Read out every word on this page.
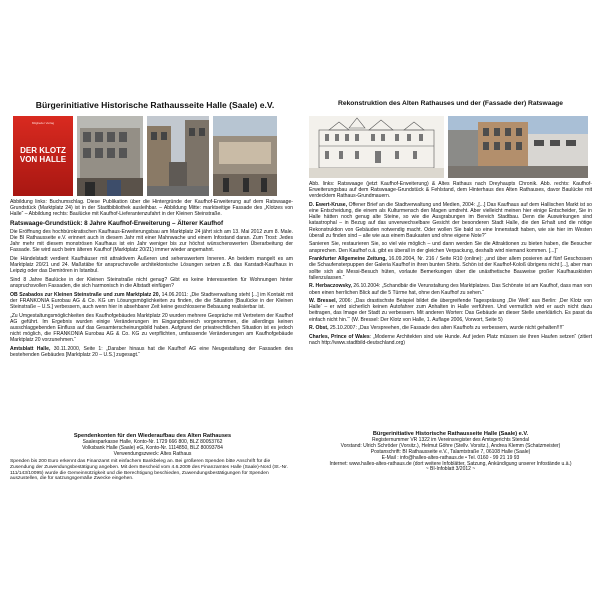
Bürgerinitiative Historische Rathausseite Halle (Saale) e.V.
Mitglieder Verlag
DER KLOTZ VON HALLE

Abbildung links: Buchumschlag. Diese Publikation über die Hintergründe der Kaufhof-Erweiterung auf dem Ratswaage-Grundstück (Marktplatz 24) ist in der Stadtbibliothek ausleihbar. – Abbildung Mitte: marktseitige Fassade des „Klotzes von Halle“ – Abbildung rechts: Baulücke mit Kaufhof-Lieferantenzufahrt in der Kleinen Steinstraße.

Ratswaage-Grundstück: 8 Jahre Kaufhof-Erweiterung – Älterer Kaufhof

Die Eröffnung des hochbürokratischen Kaufhaus-Erweiterungsbau am Marktplatz 24 jährt sich am 13. Mai 2012 zum 8. Male. Die BI Rathausseite e.V. erinnert auch in diesem Jahr mit einer Mahnwache und einem Infostand daran. Zum Trost: Jedes Jahr mehr mit diesem monströsen Kaufhaus ist ein Jahr weniger bis zur höchst wünschenswerten Überarbeitung der Fassade. Sie wird auch beim älteren Kaufhof (Marktplatz 20/21) immer wieder angemahnt.

Die Händelstadt verdient Kaufhäuser mit attraktivem Äußeren und sehenswertem Inneren. An beidem mangelt es am Marktplatz 20/21 und 24. Maßstäbe für anspruchsvolle architektonische Lösungen setzen z.B. das Karstadt-Kaufhaus in Leipzig oder das Demirören in Istanbul.

Sind 8 Jahre Baulücke in der Kleinen Steinstraße nicht genug? Gibt es keine Interessenten für Wohnungen hinter anspruchsvollen Fassaden, die sich harmonisch in die Altstadt einfügen?

OB Szabados zur Kleinen Steinstraße und zum Marktplatz 20, 14.06.2011: „Die Stadtverwaltung steht [...] im Kontakt mit der FRANKONIA Eurobau AG & Co. KG um Lösungsmöglichkeiten zu finden, die die Situation [Baulücke in der Kleinen Steinstraße – U.S.] verbessern, auch wenn hier in absehbarer Zeit keine geschlossene Bebauung realisierbar ist.

„Zu Umgestaltungsmöglichkeiten des Kaufhofgebäudes Marktplatz 20 wurden mehrere Gespräche mit Vertretern der Kaufhof AG geführt. Im Ergebnis wurden einige Veränderungen im Eingangsbereich vorgenommen, die allerdings keinen ausschlaggebenden Einfluss auf das Gesamterscheinungsbild haben. Aufgrund der privatrechtlichen Situation ist es jedoch nicht möglich, die FRANKONIA Eurobau AG & Co. KG zu verpflichten, umfassende Veränderungen am Kaufhofgebäude Marktplatz 20 vorzunehmen.“

Amtsblatt Halle, 30.11.2000, Seite 1: „Daraber hinaus hat die Kaufhof AG eine Neugestaltung der Fassaden des bestehenden Gebäudes [Marktplatz 20 – U.S.] zugesagt.“

Spendenkonten für den Wiederaufbau des Alten Rathauses
Saalesparkasse Halle, Konto-Nr. 1729 666 800, BLZ 80053762
Volksbank Halle (Saale) eG, Konto-Nr. 1114850, BLZ 80093784
Verwendungszweck: Altes Rathaus
Spenden bis 200 Euro erkennt das Finanzamt mit einfachem Bankbeleg an. Bei größeren Spenden bitte Anschrift für die Zusendung der Zuwendungsbestätigung angeben. Mit dem Bescheid vom 4.6.2009 des Finanzamtes Halle (Saale)-Nord (St.-Nr. 111/143/10095) wurde die Gemeinnützigkeit und die Berechtigung beschieden, Zuwendungsbestätigungen für Spenden auszustellen, die für satzungsgemäße Zwecke eingehen.
Rekonstruktion des Alten Rathauses und der (Fassade der) Ratswaage

Abb. links: Ratswaage (jetzt Kaufhof-Erweiterung) & Altes Rathaus nach Dreyhaupts Chronik. Abb. rechts: Kaufhof-Erweiterungsbau auf dem Ratswaage-Grundstück & Fehlstand, dem Hinterhaus des Alten Rathauses, davor Baulücke mit verdecktem Rathaus-Grundmauern.

D. Ewert-Kruse, Offener Brief an die Stadtverwaltung und Medien, 2004: „[...] Das Kaufhaus auf dem Hallischen Markt ist so eine Entscheidung, die einem als Kulturmensch den Magen umdreht. Aber vielleicht meinen hier einige Entscheider, Sie in Halle hätten noch genug alte Steine, so wie die Ausgrabungen im Bereich Stadtbau. Denn die Auswirkungen sind katastrophal – in Bezug auf das unverwechselbare Gesicht der besonderen Stadt Halle, die den Erhalt und die nötige Rekonstruktion von Gebäuden notwendig macht. Oder wollen Sie bald so eine Innenstadt haben, wie sie hier im Westen überall zu finden sind – alle wie aus einem Baukasten und ohne eigene Note?“

Sanieren Sie, restaurieren Sie, so viel wie möglich – und dann werden Sie die Attraktionen zu bieten haben, die Besucher ansprechen. Den Kaufhof o.ä. gibt es überall in der gleichen Verpackung, deshalb wird niemand kommen. [...]“

Frankfurter Allgemeine Zeitung, 16.09.2004, Nr. 216 / Seite R10 (online): „und über allem posieren auf fünf Geschossen die Schaufensterpuppen der Galeria Kaufhof in ihren bunten Shirts. Schön ist der Kaufhof-Koloß übrigens nicht [...], aber man sollte sich als Messi-Besuch hüten, vorlaute Bemerkungen über die unästhetische Bauweise großer Kaufhauskisten fallenzulassen.“

R. Herbaczowsky, 26.10.2004: „Schandbär die Verunstaltung des Marktplatzes. Das Schönste ist am Kaufhof, dass man von oben einen herrlichen Blick auf die 5 Türme hat, ohne den Kaufhof zu sehen.“

W. Bressel, 2006: „Das drastischste Beispiel bildet die übergreifende Tagespräsung ‚Die Welt‘ aus Berlin: ‚Der Klotz von Halle‘ – er wird sicherlich keinen Autofahrer zum Anhalten in Halle verführen. Und vermutlich wird er auch nicht dazu beitragen, das Image der Stadt zu verbessern. Mit anderen Worten: Das Gebäude an dieser Stelle unerklärlich. Es passt da einfach nicht hin.‘“ (W. Bressel: Der Klotz von Halle, 1. Auflage 2006, Vorwort, Seite 5)

R. Obst, 25.10.2007: „Das Verspreehen, die Fassade des alten Kaufhofs zu verbessern, wurde nicht gehalten!!!!“

Charles, Prince of Wales: „Moderne Architekten sind wie Hunde. Auf jeden Platz müssen sie ihren Haufen setzen“ (zitiert nach http://www.stadtbild-deutschland.org)

Bürgerinitiative Historische Rathausseite Halle (Saale) e.V.
Registernummer VR 1322 im Vereinsregister des Amtsgerichts Stendal
Vorstand: Ulrich Schröder (Vorsitz.), Helmut Göhre (Stellv. Vorsitz.), Andrea Klemm (Schatzmeister)
Postanschrift: BI Rathausseite e.V., Talamtstraße 7, 06108 Halle (Saale)
E-Mail : info@halles-altes-rathaus.de • Tel. 0160 - 99 21 19 93
Internet: www.halles-altes-rathaus.de (dort weitere Infoblätter, Satzung, Ankündigung unserer Infostände u.ä.)
~ BI-Infoblatt 3/2012 ~
